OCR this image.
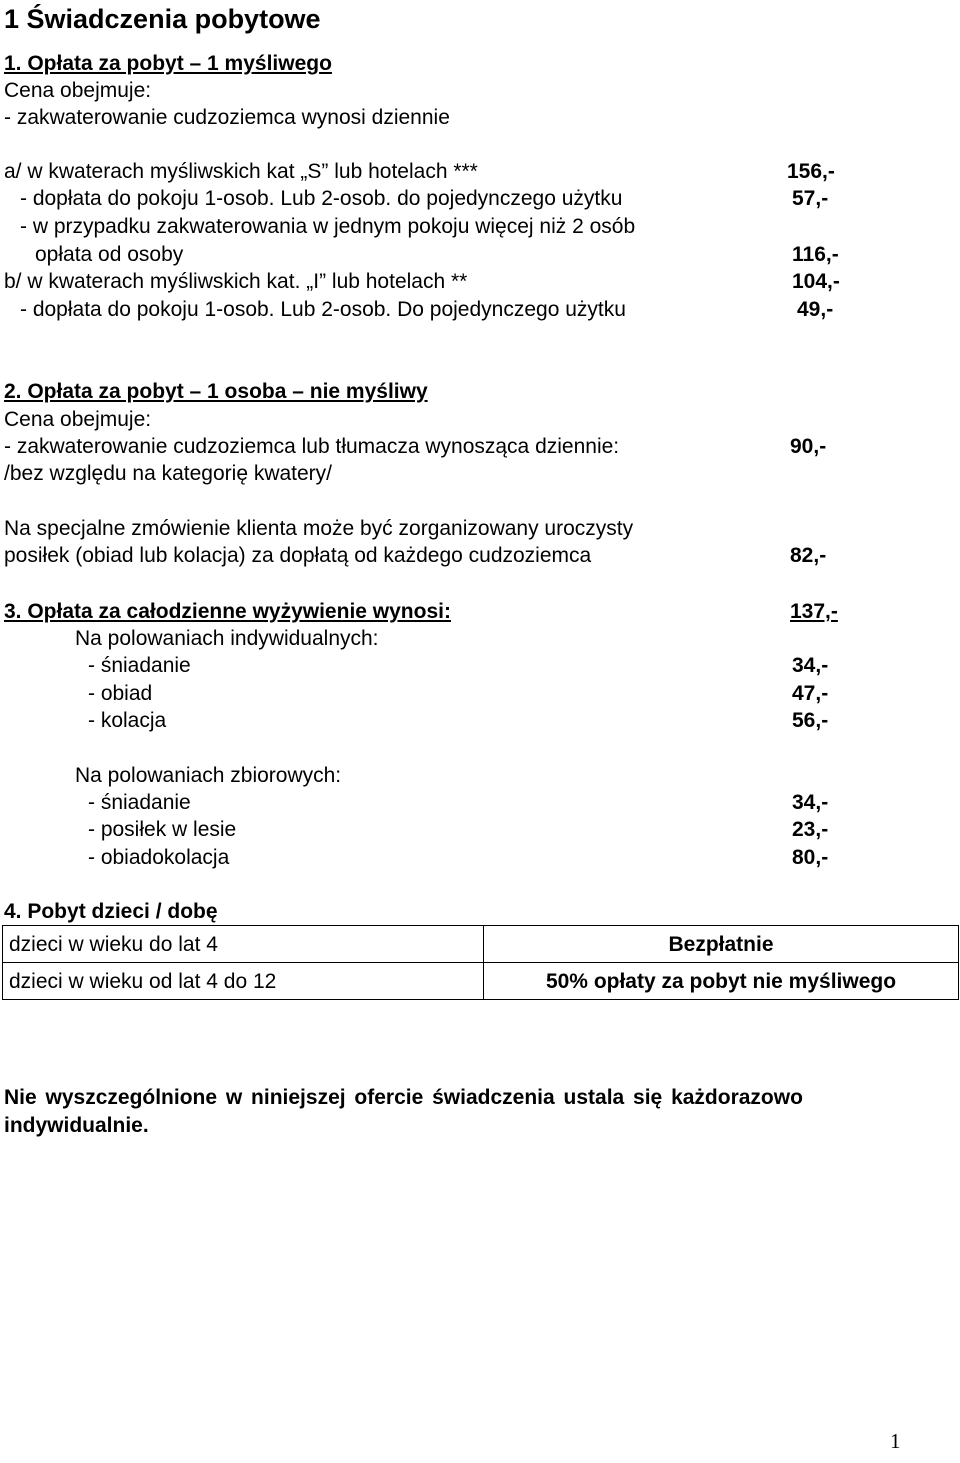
1 Świadczenia pobytowe
1. Opłata za pobyt – 1 myśliwego
Cena obejmuje:
- zakwaterowanie cudzoziemca wynosi dziennie
a/ w kwaterach myśliwskich kat „S” lub hotelach ***	156,-
- dopłata do pokoju 1-osob. Lub 2-osob. do pojedynczego użytku	57,-
- w przypadku zakwaterowania w jednym pokoju więcej niż 2 osób
opłata od osoby	116,-
b/ w kwaterach myśliwskich kat. „I” lub hotelach **	104,-
- dopłata do pokoju 1-osob. Lub 2-osob. Do pojedynczego użytku	49,-
2. Opłata za pobyt – 1 osoba – nie myśliwy
Cena obejmuje:
- zakwaterowanie cudzoziemca lub tłumacza wynosząca dziennie:	90,-
/bez względu na kategorię kwatery/
Na specjalne zmówienie klienta może być zorganizowany uroczysty
posiłek (obiad lub kolacja) za dopłatą od każdego cudzoziemca	82,-
3. Opłata za całodzienne wyżywienie wynosi:	137,-
Na polowaniach indywidualnych:
- śniadanie	34,-
- obiad	47,-
- kolacja	56,-
Na polowaniach zbiorowych:
- śniadanie	34,-
- posiłek w lesie	23,-
- obiadokolacja	80,-
4. Pobyt dzieci / dobę
dzieci w wieku do lat 4	Bezpłatnie
dzieci w wieku od lat 4 do 12	50% opłaty za pobyt nie myśliwego
Nie wyszczególnione w niniejszej ofercie świadczenia ustala się każdorazowo indywidualnie.
1
